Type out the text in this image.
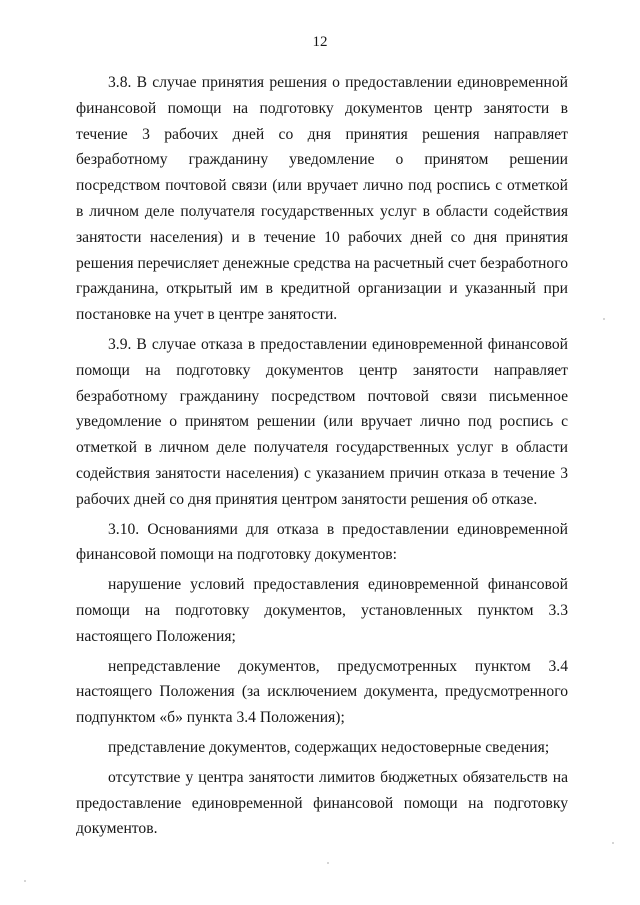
12

3.8. В случае принятия решения о предоставлении единовременной финансовой помощи на подготовку документов центр занятости в течение 3 рабочих дней со дня принятия решения направляет безработному гражданину уведомление о принятом решении посредством почтовой связи (или вручает лично под роспись с отметкой в личном деле получателя государственных услуг в области содействия занятости населения) и в течение 10 рабочих дней со дня принятия решения перечисляет денежные средства на расчетный счет безработного гражданина, открытый им в кредитной организации и указанный при постановке на учет в центре занятости.

3.9. В случае отказа в предоставлении единовременной финансовой помощи на подготовку документов центр занятости направляет безработному гражданину посредством почтовой связи письменное уведомление о принятом решении (или вручает лично под роспись с отметкой в личном деле получателя государственных услуг в области содействия занятости населения) с указанием причин отказа в течение 3 рабочих дней со дня принятия центром занятости решения об отказе.

3.10. Основаниями для отказа в предоставлении единовременной финансовой помощи на подготовку документов:

нарушение условий предоставления единовременной финансовой помощи на подготовку документов, установленных пунктом 3.3 настоящего Положения;

непредставление документов, предусмотренных пунктом 3.4 настоящего Положения (за исключением документа, предусмотренного подпунктом «б» пункта 3.4 Положения);

представление документов, содержащих недостоверные сведения;

отсутствие у центра занятости лимитов бюджетных обязательств на предоставление единовременной финансовой помощи на подготовку документов.
